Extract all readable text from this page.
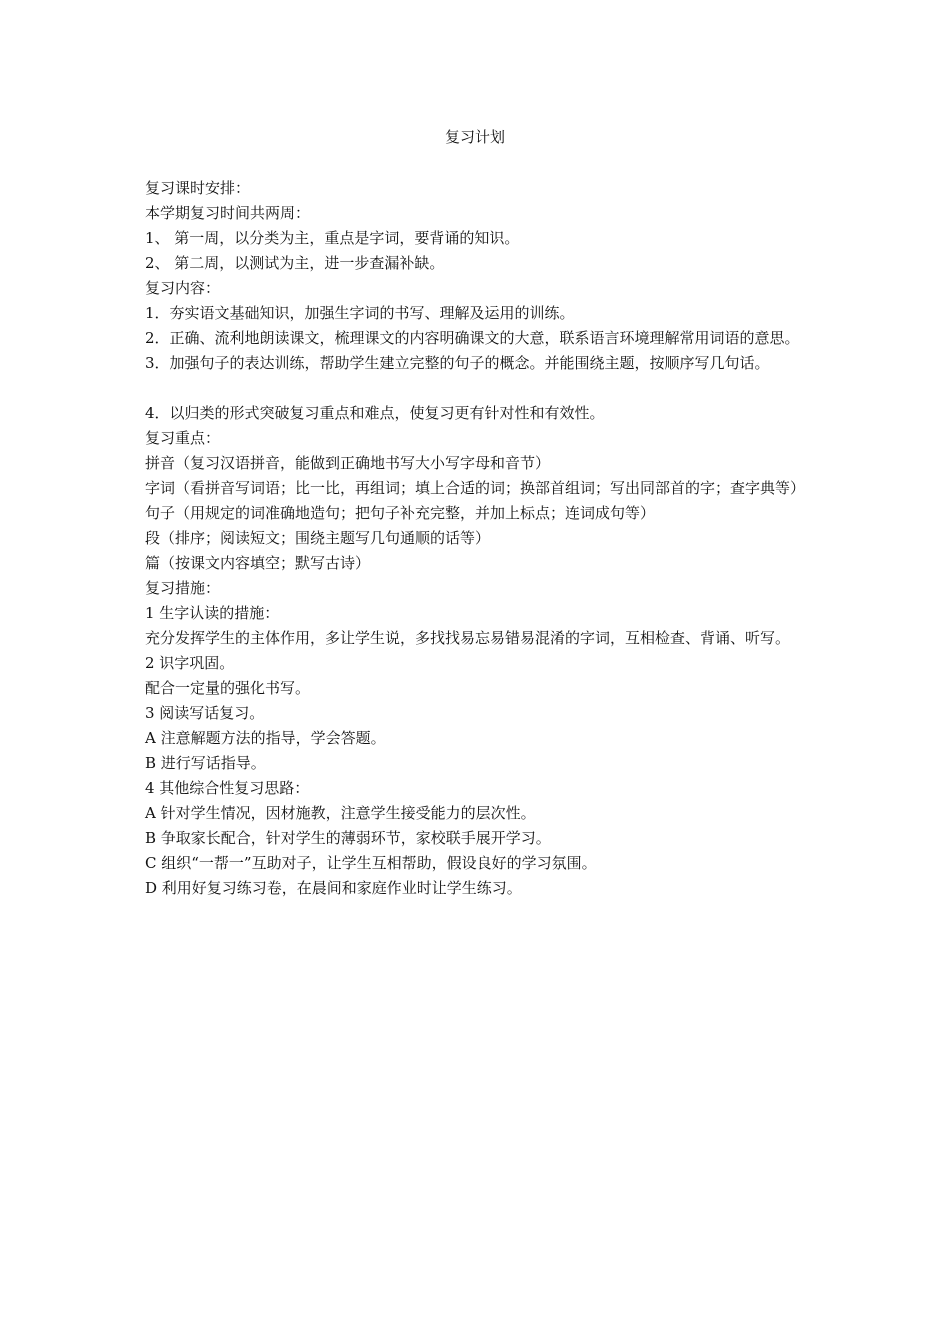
复习计划

复习课时安排：

本学期复习时间共两周：

1、 第一周，以分类为主，重点是字词，要背诵的知识。

2、 第二周，以测试为主，进一步查漏补缺。

复习内容：

1．夯实语文基础知识，加强生字词的书写、理解及运用的训练。

2．正确、流利地朗读课文，梳理课文的内容明确课文的大意，联系语言环境理解常用词语的意思。

3．加强句子的表达训练，帮助学生建立完整的句子的概念。并能围绕主题，按顺序写几句话。

4．以归类的形式突破复习重点和难点，使复习更有针对性和有效性。

复习重点：

拼音（复习汉语拼音，能做到正确地书写大小写字母和音节）

字词（看拼音写词语；比一比，再组词；填上合适的词；换部首组词；写出同部首的字；查字典等）

句子（用规定的词准确地造句；把句子补充完整，并加上标点；连词成句等）

段（排序；阅读短文；围绕主题写几句通顺的话等）

篇（按课文内容填空；默写古诗）

复习措施：

1 生字认读的措施：

充分发挥学生的主体作用，多让学生说，多找找易忘易错易混淆的字词，互相检查、背诵、听写。

2 识字巩固。

配合一定量的强化书写。

3 阅读写话复习。

A 注意解题方法的指导，学会答题。

B 进行写话指导。

4 其他综合性复习思路：

A 针对学生情况，因材施教，注意学生接受能力的层次性。

B 争取家长配合，针对学生的薄弱环节，家校联手展开学习。

C 组织“一帮一”互助对子，让学生互相帮助，假设良好的学习氛围。

D 利用好复习练习卷，在晨间和家庭作业时让学生练习。
